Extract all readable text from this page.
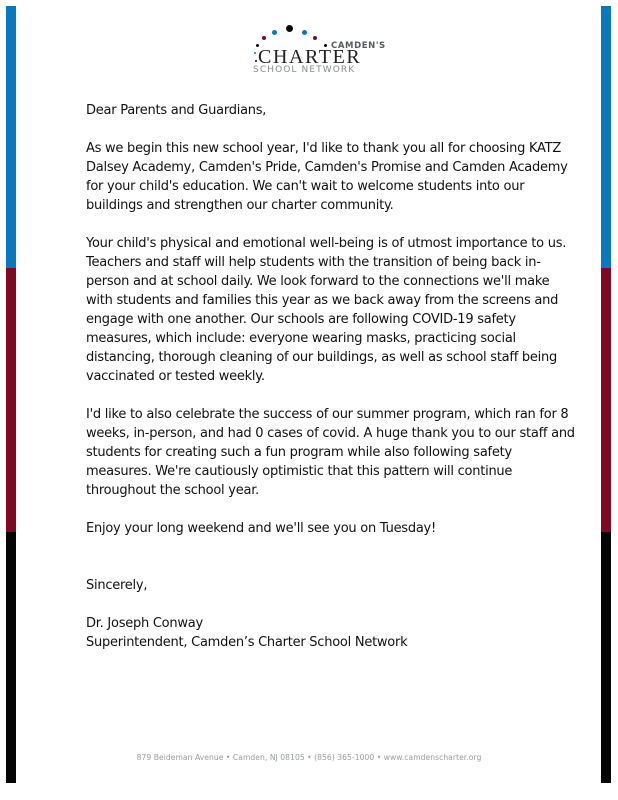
CAMDEN'S
CHARTER
SCHOOL NETWORK

Dear Parents and Guardians,

As we begin this new school year, I'd like to thank you all for choosing KATZ
Dalsey Academy, Camden's Pride, Camden's Promise and Camden Academy
for your child's education. We can't wait to welcome students into our
buildings and strengthen our charter community.

Your child's physical and emotional well-being is of utmost importance to us.
Teachers and staff will help students with the transition of being back in-
person and at school daily. We look forward to the connections we'll make
with students and families this year as we back away from the screens and
engage with one another. Our schools are following COVID-19 safety
measures, which include: everyone wearing masks, practicing social
distancing, thorough cleaning of our buildings, as well as school staff being
vaccinated or tested weekly.

I'd like to also celebrate the success of our summer program, which ran for 8
weeks, in-person, and had 0 cases of covid. A huge thank you to our staff and
students for creating such a fun program while also following safety
measures. We're cautiously optimistic that this pattern will continue
throughout the school year.

Enjoy your long weekend and we'll see you on Tuesday!

Sincerely,

Dr. Joseph Conway
Superintendent, Camden’s Charter School Network

879 Beideman Avenue • Camden, NJ 08105 • (856) 365-1000 • www.camdenscharter.org
